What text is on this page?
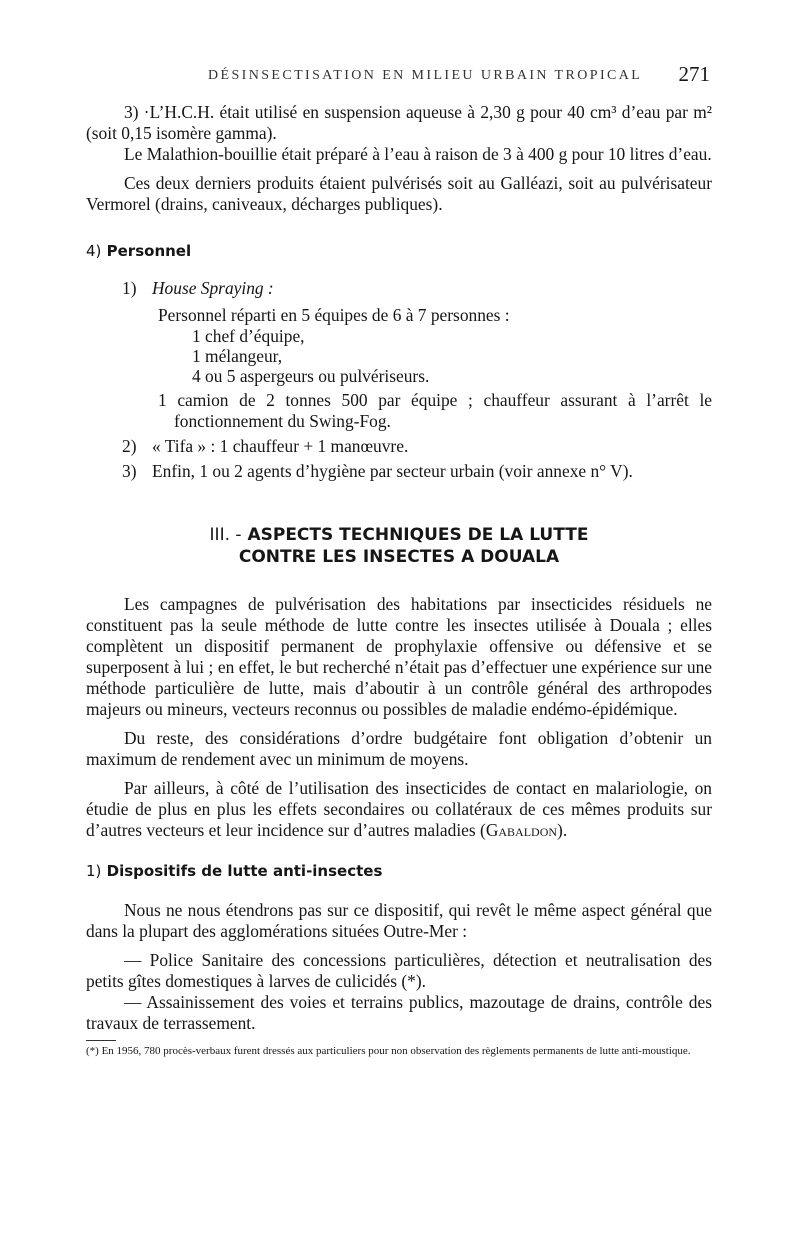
DÉSINSECTISATION EN MILIEU URBAIN TROPICAL 271

3) ·L’H.C.H. était utilisé en suspension aqueuse à 2,30 g pour 40 cm³ d’eau par m² (soit 0,15 isomère gamma).

Le Malathion-bouillie était préparé à l’eau à raison de 3 à 400 g pour 10 litres d’eau.

Ces deux derniers produits étaient pulvérisés soit au Galléazi, soit au pulvérisateur Vermorel (drains, caniveaux, décharges publiques).

4) Personnel
1) House Spraying :

Personnel réparti en 5 équipes de 6 à 7 personnes :

1 chef d’équipe,
1 mélangeur,
4 ou 5 aspergeurs ou pulvériseurs.

1 camion de 2 tonnes 500 par équipe ; chauffeur assurant à l’arrêt le fonctionnement du Swing-Fog.

2) « Tifa » : 1 chauffeur + 1 manœuvre.
3) Enfin, 1 ou 2 agents d’hygiène par secteur urbain (voir annexe n° V).
III. - ASPECTS TECHNIQUES DE LA LUTTE
CONTRE LES INSECTES A DOUALA

Les campagnes de pulvérisation des habitations par insecticides résiduels ne constituent pas la seule méthode de lutte contre les insectes utilisée à Douala ; elles complètent un dispositif permanent de prophylaxie offensive ou défensive et se superposent à lui ; en effet, le but recherché n’était pas d’effectuer une expérience sur une méthode particulière de lutte, mais d’aboutir à un contrôle général des arthropodes majeurs ou mineurs, vecteurs reconnus ou possibles de maladie endémo-épidémique.

Du reste, des considérations d’ordre budgétaire font obligation d’obtenir un maximum de rendement avec un minimum de moyens.

Par ailleurs, à côté de l’utilisation des insecticides de contact en malariologie, on étudie de plus en plus les effets secondaires ou collatéraux de ces mêmes produits sur d’autres vecteurs et leur incidence sur d’autres maladies (Gabaldon).

1) Dispositifs de lutte anti-insectes

Nous ne nous étendrons pas sur ce dispositif, qui revêt le même aspect général que dans la plupart des agglomérations situées Outre-Mer :

— Police Sanitaire des concessions particulières, détection et neutralisation des petits gîtes domestiques à larves de culicidés (*).

— Assainissement des voies et terrains publics, mazoutage de drains, contrôle des travaux de terrassement.

(*) En 1956, 780 procès-verbaux furent dressés aux particuliers pour non observation des règlements permanents de lutte anti-moustique.
